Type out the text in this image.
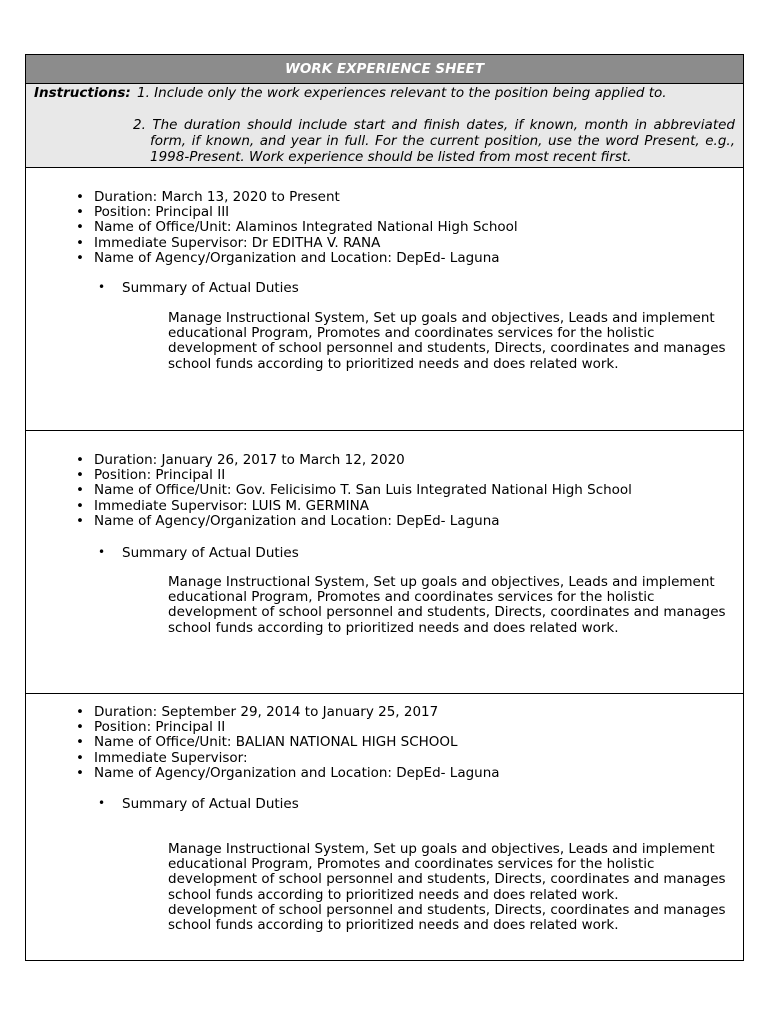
WORK EXPERIENCE SHEET
Instructions: 1. Include only the work experiences relevant to the position being applied to.
2. The duration should include start and finish dates, if known, month in abbreviated form, if known, and year in full. For the current position, use the word Present, e.g., 1998-Present. Work experience should be listed from most recent first.
• Duration: March 13, 2020 to Present
• Position: Principal III
• Name of Office/Unit: Alaminos Integrated National High School
• Immediate Supervisor: Dr EDITHA V. RANA
• Name of Agency/Organization and Location: DepEd- Laguna
• Summary of Actual Duties

Manage Instructional System, Set up goals and objectives, Leads and implement educational Program, Promotes and coordinates services for the holistic development of school personnel and students, Directs, coordinates and manages school funds according to prioritized needs and does related work.

• Duration: January 26, 2017 to March 12, 2020
• Position: Principal II
• Name of Office/Unit: Gov. Felicisimo T. San Luis Integrated National High School
• Immediate Supervisor: LUIS M. GERMINA
• Name of Agency/Organization and Location: DepEd- Laguna
• Summary of Actual Duties

Manage Instructional System, Set up goals and objectives, Leads and implement educational Program, Promotes and coordinates services for the holistic development of school personnel and students, Directs, coordinates and manages school funds according to prioritized needs and does related work.

• Duration: September 29, 2014 to January 25, 2017
• Position: Principal II
• Name of Office/Unit: BALIAN NATIONAL HIGH SCHOOL
• Immediate Supervisor:
• Name of Agency/Organization and Location: DepEd- Laguna
• Summary of Actual Duties

Manage Instructional System, Set up goals and objectives, Leads and implement educational Program, Promotes and coordinates services for the holistic development of school personnel and students, Directs, coordinates and manages school funds according to prioritized needs and does related work.

development of school personnel and students, Directs, coordinates and manages school funds according to prioritized needs and does related work.
